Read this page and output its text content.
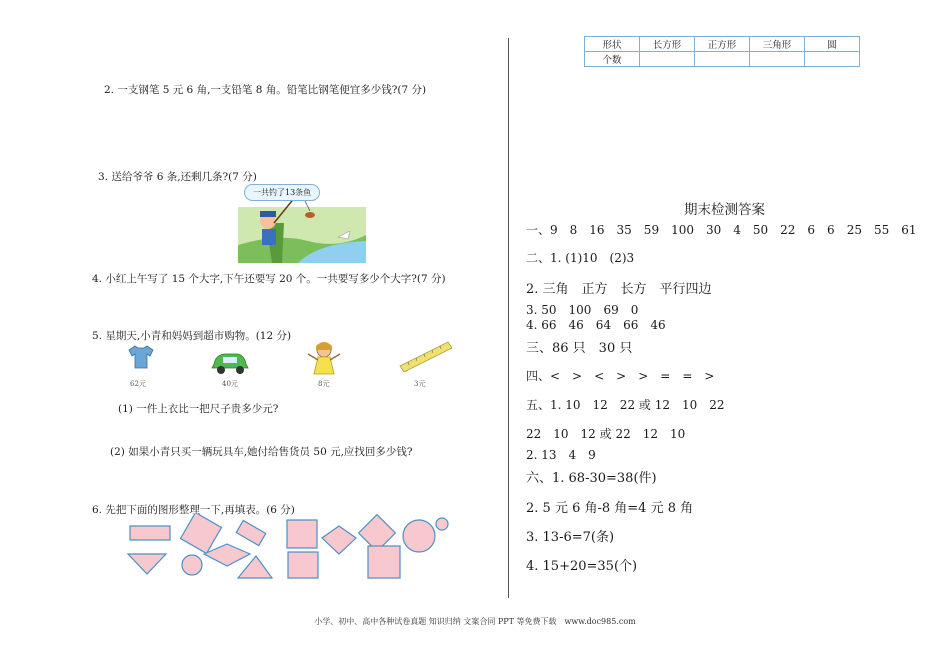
2. 一支钢笔 5 元 6 角,一支铅笔 8 角。铅笔比钢笔便宜多少钱?(7 分)
3. 送给爷爷 6 条,还剩几条?(7 分)
一共钓了13条鱼
4. 小红上午写了 15 个大字,下午还要写 20 个。一共要写多少个大字?(7 分)
5. 星期天,小青和妈妈到超市购物。(12 分)
62元	40元	8元	3元
(1) 一件上衣比一把尺子贵多少元?
(2) 如果小青只买一辆玩具车,她付给售货员 50 元,应找回多少钱?
6. 先把下面的图形整理一下,再填表。(6 分)
形状	长方形	正方形	三角形	圆
个数				
期末检测答案
一、9　8　16　35　59　100　30　4　50　22　6　6　25　55　61
二、1. (1)10　(2)3
2. 三角　正方　长方　平行四边
3. 50　100　69　0
4. 66　46　64　66　46
三、86 只　30 只
四、<　>　<　>　>　=　=　>
五、1. 10　12　22 或 12　10　22
22　10　12 或 22　12　10
2. 13　4　9
六、1. 68-30=38(件)
2. 5 元 6 角-8 角=4 元 8 角
3. 13-6=7(条)
4. 15+20=35(个)
小学、初中、高中各种试卷真题 知识归纳 文案合同 PPT 等免费下载　www.doc985.com
